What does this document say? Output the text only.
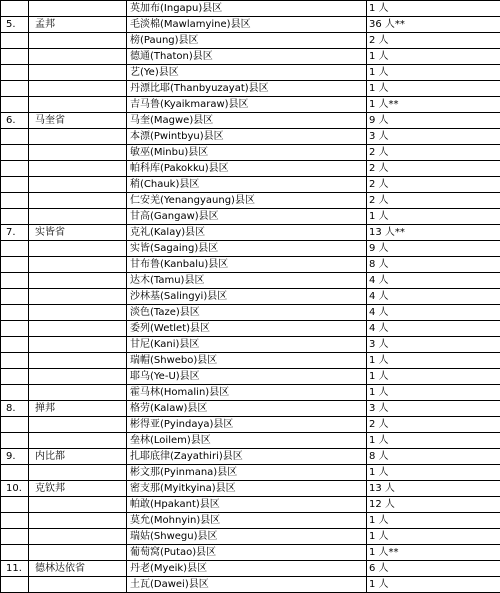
		英加布(Ingapu)县区	1 人
5.	孟邦	毛淡棉(Mawlamyine)县区	36 人**
		榜(Paung)县区	2 人
		德通(Thaton)县区	1 人
		艺(Ye)县区	1 人
		丹漂比耶(Thanbyuzayat)县区	1 人
		吉马鲁(Kyaikmaraw)县区	1 人**
6.	马奎省	马奎(Magwe)县区	9 人
		本漂(Pwintbyu)县区	3 人
		敏巫(Minbu)县区	2 人
		帕科库(Pakokku)县区	2 人
		稍(Chauk)县区	2 人
		仁安羌(Yenangyaung)县区	2 人
		甘高(Gangaw)县区	1 人
7.	实皆省	克礼(Kalay)县区	13 人**
		实皆(Sagaing)县区	9 人
		甘布鲁(Kanbalu)县区	8 人
		达木(Tamu)县区	4 人
		沙林基(Salingyi)县区	4 人
		淡色(Taze)县区	4 人
		委列(Wetlet)县区	4 人
		甘尼(Kani)县区	3 人
		瑞帽(Shwebo)县区	1 人
		耶乌(Ye-U)县区	1 人
		霍马林(Homalin)县区	1 人
8.	掸邦	格劳(Kalaw)县区	3 人
		彬得亚(Pyindaya)县区	2 人
		垒林(Loilem)县区	1 人
9.	内比都	扎耶底律(Zayathiri)县区	8 人
		彬文那(Pyinmana)县区	1 人
10.	克钦邦	密支那(Myitkyina)县区	13 人
		帕敢(Hpakant)县区	12 人
		莫允(Mohnyin)县区	1 人
		瑞姑(Shwegu)县区	1 人
		葡萄窝(Putao)县区	1 人**
11.	德林达依省	丹老(Myeik)县区	6 人
		土瓦(Dawei)县区	1 人
